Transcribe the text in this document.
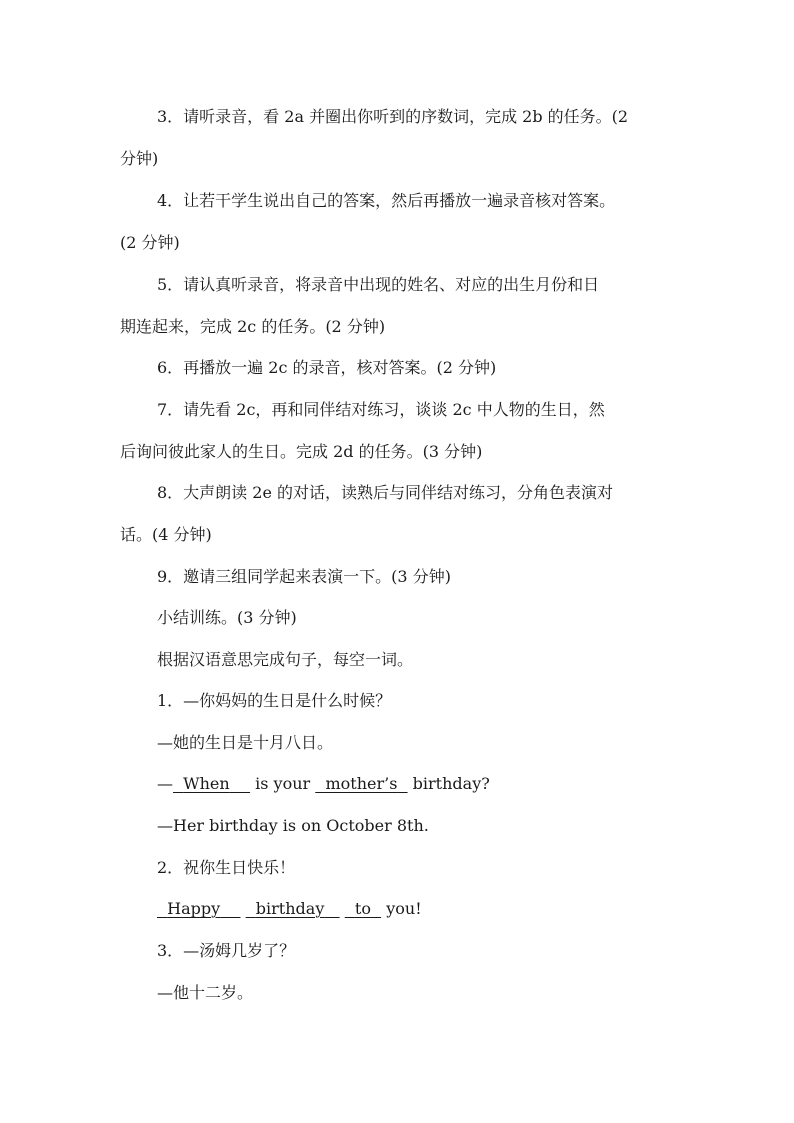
3．请听录音，看 2a 并圈出你听到的序数词，完成 2b 的任务。(2
分钟)
4．让若干学生说出自己的答案，然后再播放一遍录音核对答案。
(2 分钟)
5．请认真听录音，将录音中出现的姓名、对应的出生月份和日
期连起来，完成 2c 的任务。(2 分钟)
6．再播放一遍 2c 的录音，核对答案。(2 分钟)
7．请先看 2c，再和同伴结对练习，谈谈 2c 中人物的生日，然
后询问彼此家人的生日。完成 2d 的任务。(3 分钟)
8．大声朗读 2e 的对话，读熟后与同伴结对练习，分角色表演对
话。(4 分钟)
9．邀请三组同学起来表演一下。(3 分钟)
小结训练。(3 分钟)
根据汉语意思完成句子，每空一词。
1．—你妈妈的生日是什么时候？
—她的生日是十月八日。
— When is your mother’s birthday?
—Her birthday is on October 8th.
2．祝你生日快乐！
Happy birthday to you!
3．—汤姆几岁了？
—他十二岁。
